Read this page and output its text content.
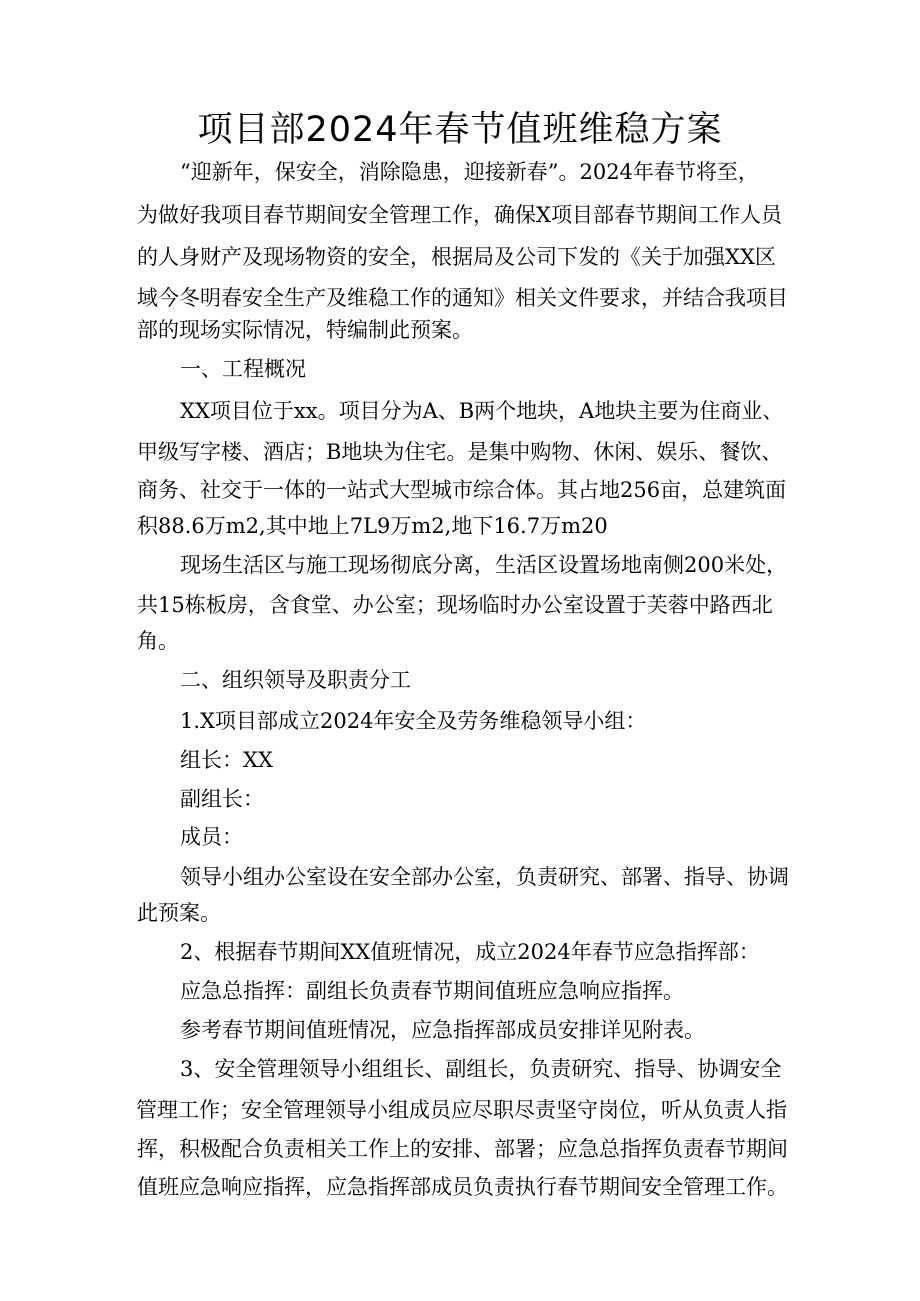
项目部2024年春节值班维稳方案
“迎新年，保安全，消除隐患，迎接新春”。2024年春节将至，
为做好我项目春节期间安全管理工作，确保X项目部春节期间工作人员
的人身财产及现场物资的安全，根据局及公司下发的《关于加强XX区
域今冬明春安全生产及维稳工作的通知》相关文件要求，并结合我项目
部的现场实际情况，特编制此预案。
一、工程概况
XX项目位于xx。项目分为A、B两个地块，A地块主要为住商业、
甲级写字楼、酒店；B地块为住宅。是集中购物、休闲、娱乐、餐饮、
商务、社交于一体的一站式大型城市综合体。其占地256亩，总建筑面
积88.6万m2,其中地上7L9万m2,地下16.7万m20
现场生活区与施工现场彻底分离，生活区设置场地南侧200米处，
共15栋板房，含食堂、办公室；现场临时办公室设置于芙蓉中路西北
角。
二、组织领导及职责分工
1.X项目部成立2024年安全及劳务维稳领导小组：
组长：XX
副组长：
成员：
领导小组办公室设在安全部办公室，负责研究、部署、指导、协调
此预案。
2、根据春节期间XX值班情况，成立2024年春节应急指挥部：
应急总指挥：副组长负责春节期间值班应急响应指挥。
参考春节期间值班情况，应急指挥部成员安排详见附表。
3、安全管理领导小组组长、副组长，负责研究、指导、协调安全
管理工作；安全管理领导小组成员应尽职尽责坚守岗位，听从负责人指
挥，积极配合负责相关工作上的安排、部署；应急总指挥负责春节期间
值班应急响应指挥，应急指挥部成员负责执行春节期间安全管理工作。
